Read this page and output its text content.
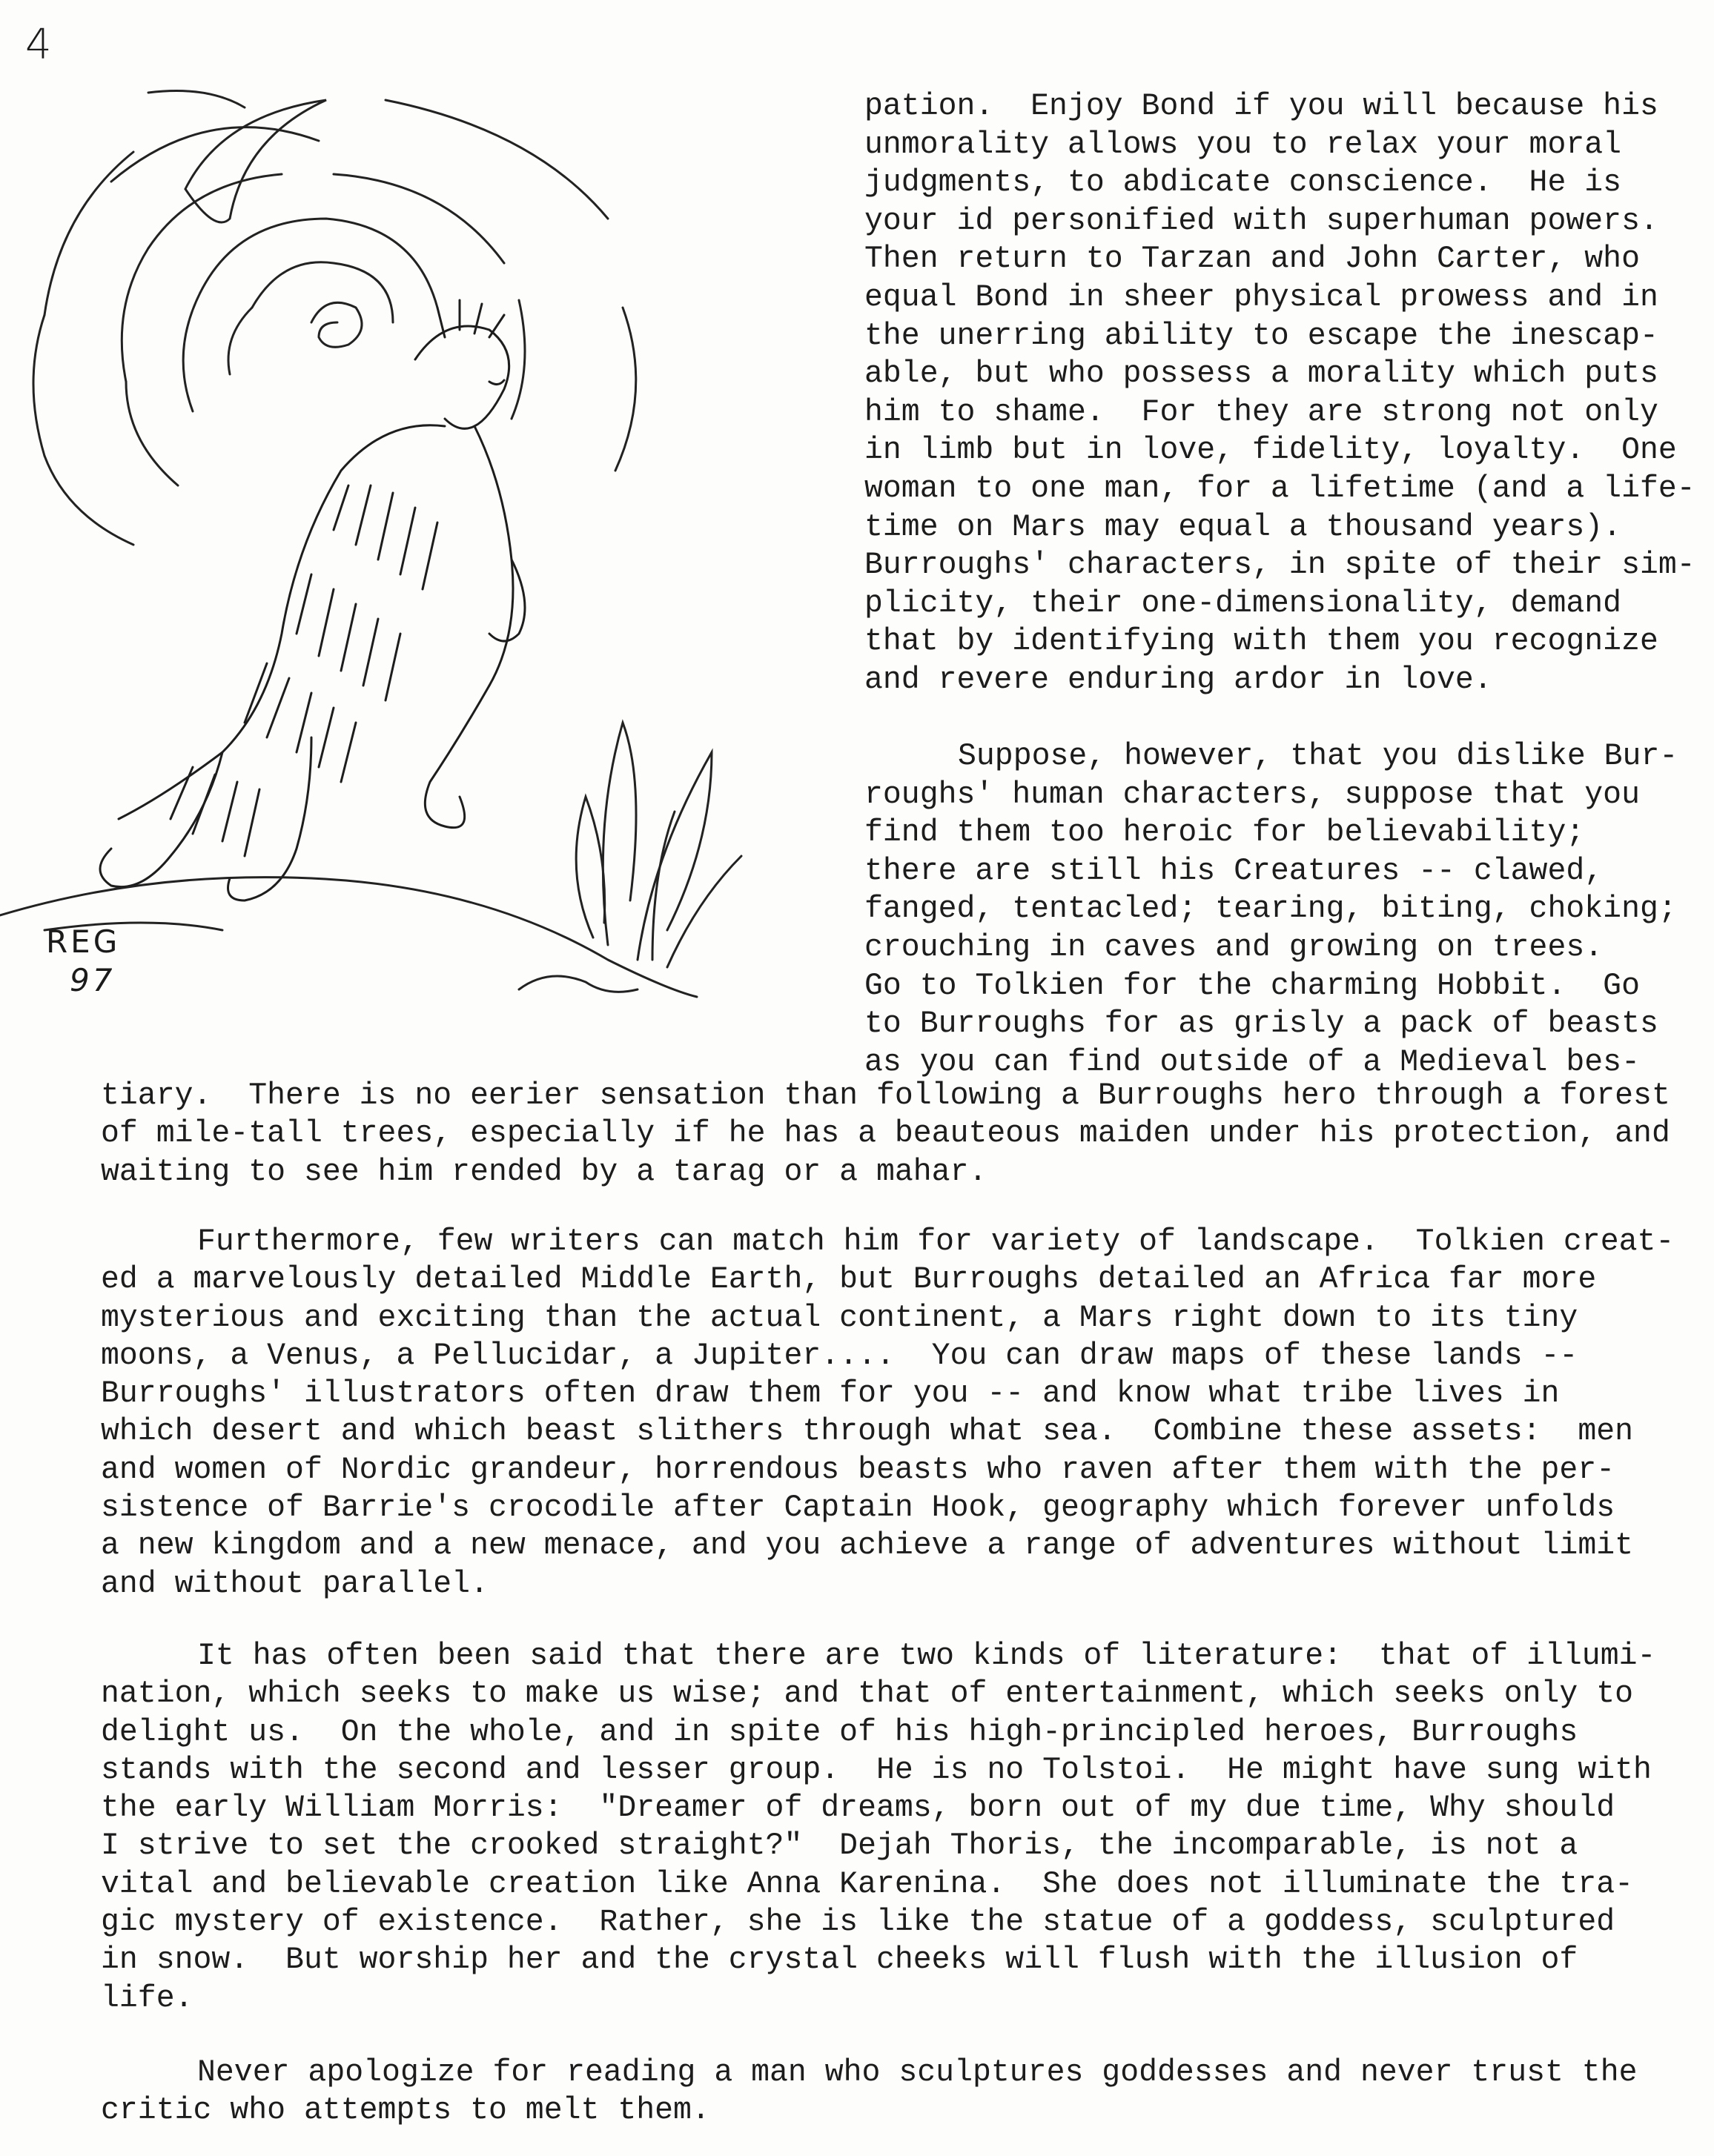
4
REG
97
pation.  Enjoy Bond if you will because his
unmorality allows you to relax your moral
judgments, to abdicate conscience.  He is
your id personified with superhuman powers.
Then return to Tarzan and John Carter, who
equal Bond in sheer physical prowess and in
the unerring ability to escape the inescap-
able, but who possess a morality which puts
him to shame.  For they are strong not only
in limb but in love, fidelity, loyalty.  One
woman to one man, for a lifetime (and a life-
time on Mars may equal a thousand years).
Burroughs' characters, in spite of their sim-
plicity, their one-dimensionality, demand
that by identifying with them you recognize
and revere enduring ardor in love.
Suppose, however, that you dislike Bur-
roughs' human characters, suppose that you
find them too heroic for believability;
there are still his Creatures -- clawed,
fanged, tentacled; tearing, biting, choking;
crouching in caves and growing on trees.
Go to Tolkien for the charming Hobbit.  Go
to Burroughs for as grisly a pack of beasts
as you can find outside of a Medieval bes-
tiary.  There is no eerier sensation than following a Burroughs hero through a forest
of mile-tall trees, especially if he has a beauteous maiden under his protection, and
waiting to see him rended by a tarag or a mahar.
Furthermore, few writers can match him for variety of landscape.  Tolkien creat-
ed a marvelously detailed Middle Earth, but Burroughs detailed an Africa far more
mysterious and exciting than the actual continent, a Mars right down to its tiny
moons, a Venus, a Pellucidar, a Jupiter....  You can draw maps of these lands --
Burroughs' illustrators often draw them for you -- and know what tribe lives in
which desert and which beast slithers through what sea.  Combine these assets:  men
and women of Nordic grandeur, horrendous beasts who raven after them with the per-
sistence of Barrie's crocodile after Captain Hook, geography which forever unfolds
a new kingdom and a new menace, and you achieve a range of adventures without limit
and without parallel.
It has often been said that there are two kinds of literature:  that of illumi-
nation, which seeks to make us wise; and that of entertainment, which seeks only to
delight us.  On the whole, and in spite of his high-principled heroes, Burroughs
stands with the second and lesser group.  He is no Tolstoi.  He might have sung with
the early William Morris:  "Dreamer of dreams, born out of my due time, Why should
I strive to set the crooked straight?"  Dejah Thoris, the incomparable, is not a
vital and believable creation like Anna Karenina.  She does not illuminate the tra-
gic mystery of existence.  Rather, she is like the statue of a goddess, sculptured
in snow.  But worship her and the crystal cheeks will flush with the illusion of
life.
Never apologize for reading a man who sculptures goddesses and never trust the
critic who attempts to melt them.
